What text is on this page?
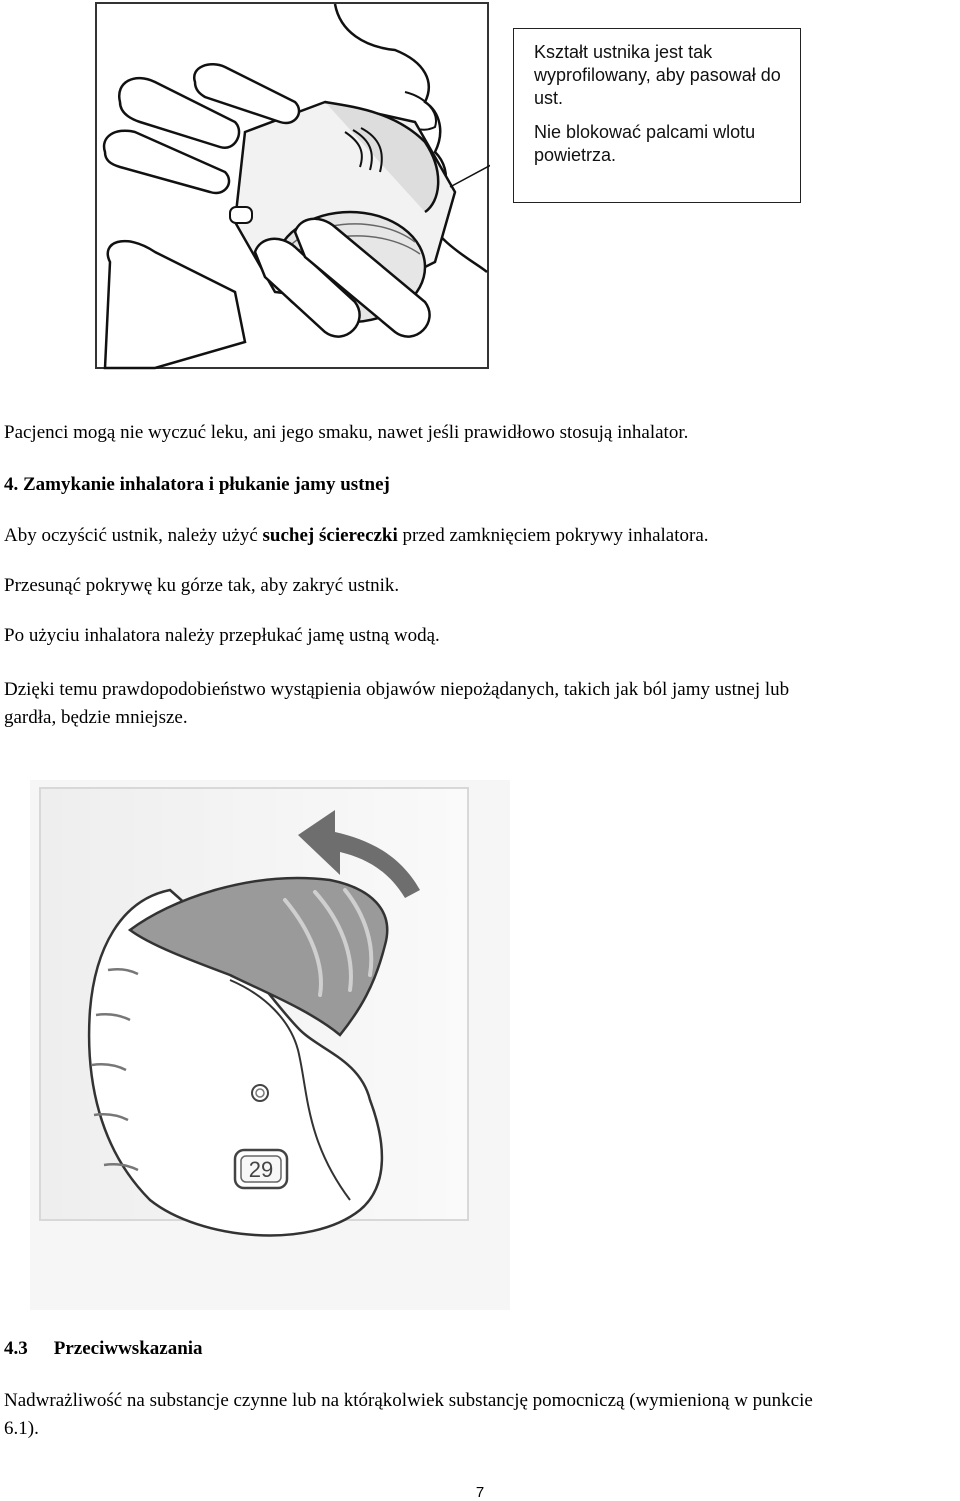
Kształt ustnika jest tak wyprofilowany, aby pasował do ust.

Nie blokować palcami wlotu powietrza.

Pacjenci mogą nie wyczuć leku, ani jego smaku, nawet jeśli prawidłowo stosują inhalator.
4. Zamykanie inhalatora i płukanie jamy ustnej
Aby oczyścić ustnik, należy użyć suchej ściereczki przed zamknięciem pokrywy inhalatora.
Przesunąć pokrywę ku górze tak, aby zakryć ustnik.
Po użyciu inhalatora należy przepłukać jamę ustną wodą.
Dzięki temu prawdopodobieństwo wystąpienia objawów niepożądanych, takich jak ból jamy ustnej lub
gardła, będzie mniejsze.
29
4.3 Przeciwwskazania
Nadwrażliwość na substancje czynne lub na którąkolwiek substancję pomocniczą (wymienioną w punkcie
6.1).
7
